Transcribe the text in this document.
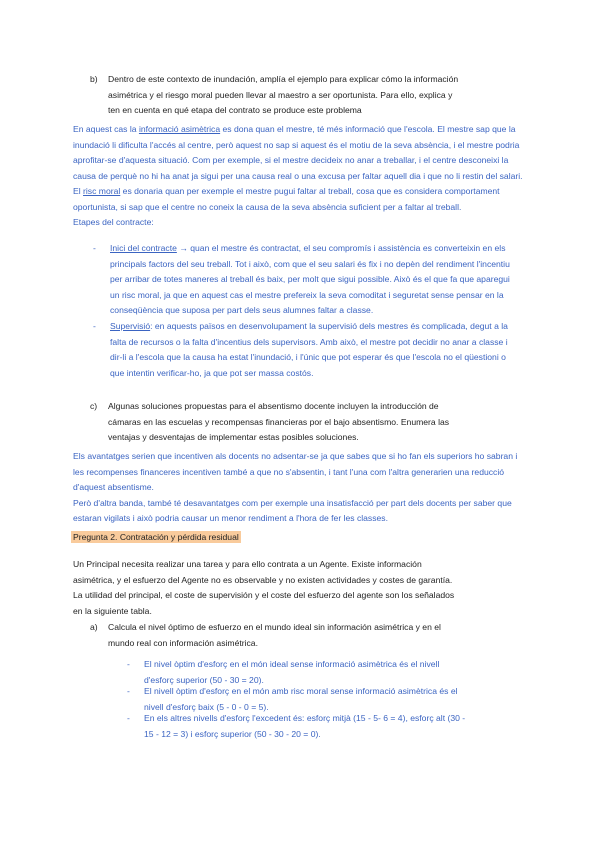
b) Dentro de este contexto de inundación, amplía el ejemplo para explicar cómo la información
asimétrica y el riesgo moral pueden llevar al maestro a ser oportunista. Para ello, explica y
ten en cuenta en qué etapa del contrato se produce este problema

En aquest cas la informació asimètrica es dona quan el mestre, té més informació que l'escola. El mestre sap que la inundació li dificulta l'accés al centre, però aquest no sap si aquest és el motiu de la seva absència, i el mestre podria aprofitar-se d'aquesta situació. Com per exemple, si el mestre decideix no anar a treballar, i el centre desconeixi la causa de perquè no hi ha anat ja sigui per una causa real o una excusa per faltar aquell dia i que no li restin del salari.

El risc moral es donaria quan per exemple el mestre pugui faltar al treball, cosa que es considera comportament oportunista, si sap que el centre no coneix la causa de la seva absència suficient per a faltar al treball.

Etapes del contracte:

- Inici del contracte → quan el mestre és contractat, el seu compromís i assistència es converteixin en els principals factors del seu treball. Tot i això, com que el seu salari és fix i no depèn del rendiment l'incentiu per arribar de totes maneres al treball és baix, per molt que sigui possible. Això és el que fa que aparegui un risc moral, ja que en aquest cas el mestre prefereix la seva comoditat i seguretat sense pensar en la conseqüència que suposa per part dels seus alumnes faltar a classe.
- Supervisió: en aquests països en desenvolupament la supervisió dels mestres és complicada, degut a la falta de recursos o la falta d'incentius dels supervisors. Amb això, el mestre pot decidir no anar a classe i dir-li a l'escola que la causa ha estat l'inundació, i l'únic que pot esperar és que l'escola no el qüestioni o que intentin verificar-ho, ja que pot ser massa costós.
c) Algunas soluciones propuestas para el absentismo docente incluyen la introducción de
cámaras en las escuelas y recompensas financieras por el bajo absentismo. Enumera las
ventajas y desventajas de implementar estas posibles soluciones.

Els avantatges serien que incentiven als docents no adsentar-se ja que sabes que si ho fan els superiors ho sabran i les recompenses financeres incentiven també a que no s'absentin, i tant l'una com l'altra generarien una reducció d'aquest absentisme.

Però d'altra banda, també té desavantatges com per exemple una insatisfacció per part dels docents per saber que estaran vigilats i això podria causar un menor rendiment a l'hora de fer les classes.

Pregunta 2. Contratación y pérdida residual
Un Principal necesita realizar una tarea y para ello contrata a un Agente. Existe información
asimétrica, y el esfuerzo del Agente no es observable y no existen actividades y costes de garantía.
La utilidad del principal, el coste de supervisión y el coste del esfuerzo del agente son los señalados
en la siguiente tabla.
a) Calcula el nivel óptimo de esfuerzo en el mundo ideal sin información asimétrica y en el
mundo real con información asimétrica.
- El nivel òptim d'esforç en el món ideal sense informació asimètrica és el nivell
d'esforç superior (50 - 30 = 20).
- El nivell òptim d'esforç en el món amb risc moral sense informació asimètrica és el
nivell d'esforç baix (5 - 0 - 0 = 5).
- En els altres nivells d'esforç l'excedent és: esforç mitjà (15 - 5- 6 = 4), esforç alt (30 -
15 - 12 = 3) i esforç superior (50 - 30 - 20 = 0).
